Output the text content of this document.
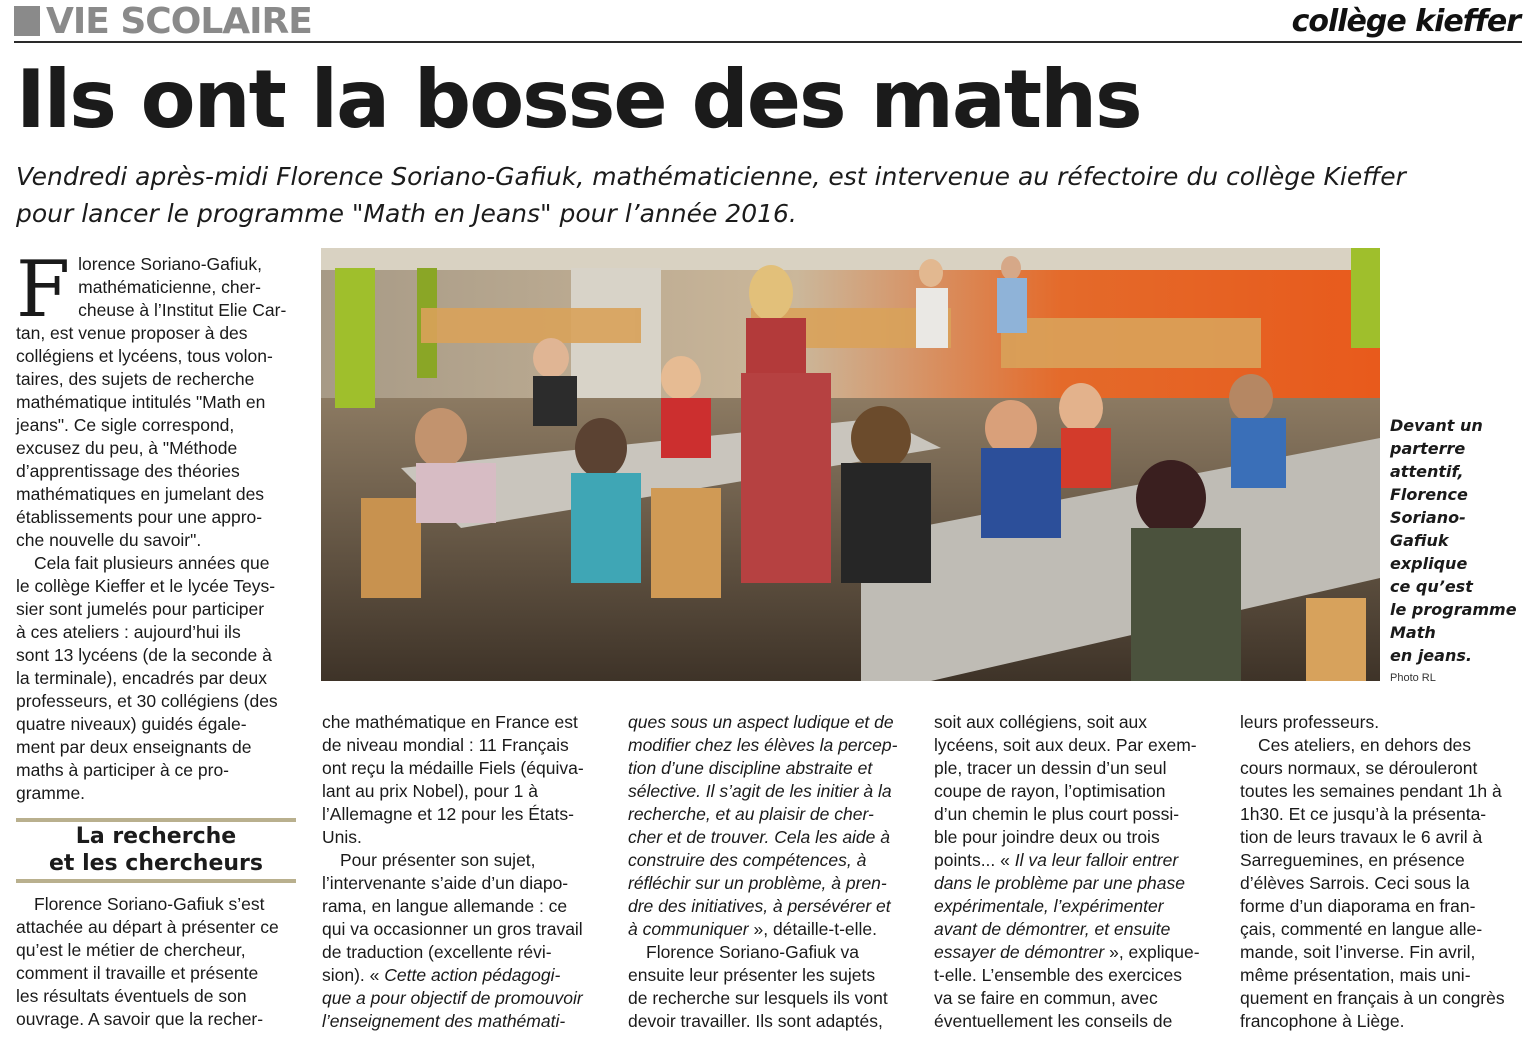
VIE SCOLAIRE	collège kieffer
Ils ont la bosse des maths

Vendredi après-midi Florence Soriano-Gafiuk, mathématicienne, est intervenue au réfectoire du collège Kieffer

pour lancer le programme "Math en Jeans" pour l’année 2016.

F lorence Soriano-Gafiuk,
mathématicienne, cher-
cheuse à l’Institut Elie Car-
tan, est venue proposer à des
collégiens et lycéens, tous volon-
taires, des sujets de recherche
mathématique intitulés "Math en
jeans". Ce sigle correspond,
excusez du peu, à "Méthode
d’apprentissage des théories
mathématiques en jumelant des
établissements pour une appro-
che nouvelle du savoir".
Cela fait plusieurs années que
le collège Kieffer et le lycée Teys-
sier sont jumelés pour participer
à ces ateliers : aujourd’hui ils
sont 13 lycéens (de la seconde à
la terminale), encadrés par deux
professeurs, et 30 collégiens (des
quatre niveaux) guidés égale-
ment par deux enseignants de
maths à participer à ce pro-
gramme.
La recherche
et les chercheurs
Florence Soriano-Gafiuk s’est
attachée au départ à présenter ce
qu’est le métier de chercheur,
comment il travaille et présente
les résultats éventuels de son
ouvrage. A savoir que la recher-

Devant un

parterre

attentif,

Florence

Soriano-

Gafiuk

explique

ce qu’est

le programme

Math

en jeans.

Photo RL
che mathématique en France est
de niveau mondial : 11 Français
ont reçu la médaille Fiels (équiva-
lant au prix Nobel), pour 1 à
l’Allemagne et 12 pour les États-
Unis.
Pour présenter son sujet,
l’intervenante s’aide d’un diapo-
rama, en langue allemande : ce
qui va occasionner un gros travail
de traduction (excellente révi-
sion). « Cette action pédagogi-
que a pour objectif de promouvoir
l’enseignement des mathémati-
ques sous un aspect ludique et de
modifier chez les élèves la percep-
tion d’une discipline abstraite et
sélective. Il s’agit de les initier à la
recherche, et au plaisir de cher-
cher et de trouver. Cela les aide à
construire des compétences, à
réfléchir sur un problème, à pren-
dre des initiatives, à persévérer et
à communiquer », détaille-t-elle.
Florence Soriano-Gafiuk va
ensuite leur présenter les sujets
de recherche sur lesquels ils vont
devoir travailler. Ils sont adaptés,
soit aux collégiens, soit aux
lycéens, soit aux deux. Par exem-
ple, tracer un dessin d’un seul
coupe de rayon, l’optimisation
d’un chemin le plus court possi-
ble pour joindre deux ou trois
points... « Il va leur falloir entrer
dans le problème par une phase
expérimentale, l’expérimenter
avant de démontrer, et ensuite
essayer de démontrer », explique-
t-elle. L’ensemble des exercices
va se faire en commun, avec
éventuellement les conseils de
leurs professeurs.
Ces ateliers, en dehors des
cours normaux, se dérouleront
toutes les semaines pendant 1h à
1h30. Et ce jusqu’à la présenta-
tion de leurs travaux le 6 avril à
Sarreguemines, en présence
d’élèves Sarrois. Ceci sous la
forme d’un diaporama en fran-
çais, commenté en langue alle-
mande, soit l’inverse. Fin avril,
même présentation, mais uni-
quement en français à un congrès
francophone à Liège.
